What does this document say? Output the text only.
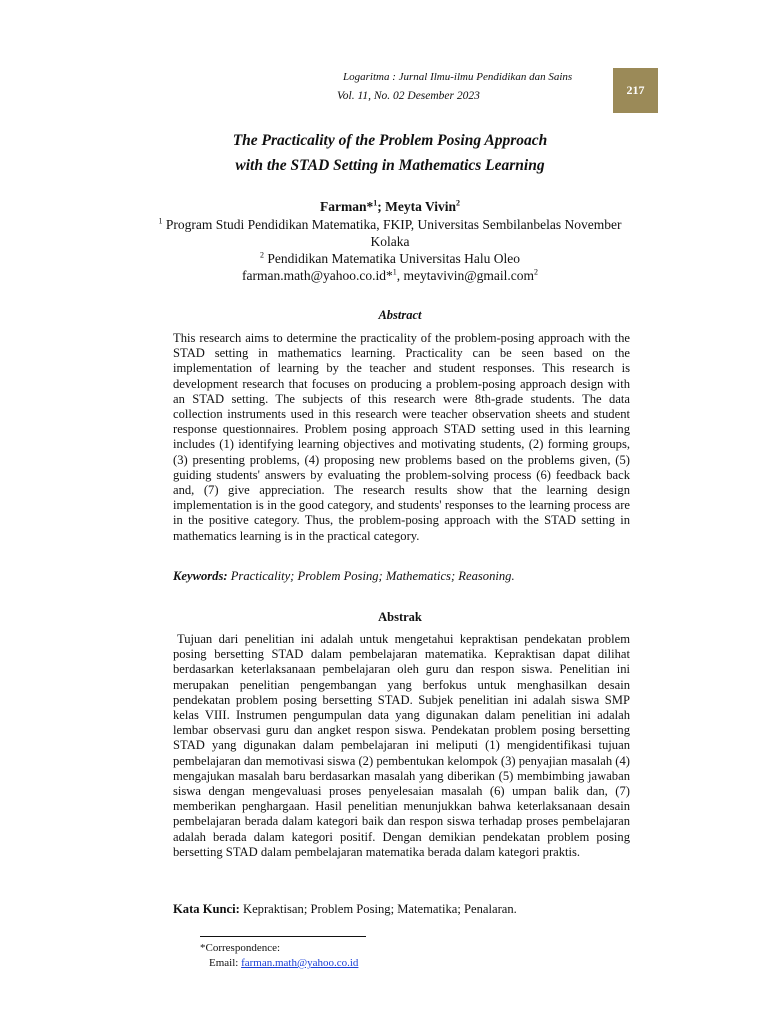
Logaritma : Jurnal Ilmu-ilmu Pendidikan dan Sains
Vol. 11, No. 02 Desember 2023	217
The Practicality of the Problem Posing Approach
with the STAD Setting in Mathematics Learning
Farman*$^1$; Meyta Vivin$^2$
$^1$ Program Studi Pendidikan Matematika, FKIP, Universitas Sembilanbelas November Kolaka
$^2$ Pendidikan Matematika Universitas Halu Oleo
farman.math@yahoo.co.id*$^1$, meytavivin@gmail.com$^2$
Abstract
This research aims to determine the practicality of the problem-posing approach with the STAD setting in mathematics learning. Practicality can be seen based on the implementation of learning by the teacher and student responses. This research is development research that focuses on producing a problem-posing approach design with an STAD setting. The subjects of this research were 8th-grade students. The data collection instruments used in this research were teacher observation sheets and student response questionnaires. Problem posing approach STAD setting used in this learning includes (1) identifying learning objectives and motivating students, (2) forming groups, (3) presenting problems, (4) proposing new problems based on the problems given, (5) guiding students' answers by evaluating the problem-solving process (6) feedback back and, (7) give appreciation. The research results show that the learning design implementation is in the good category, and students' responses to the learning process are in the positive category. Thus, the problem-posing approach with the STAD setting in mathematics learning is in the practical category.
Keywords: Practicality; Problem Posing; Mathematics; Reasoning.
Abstrak
Tujuan dari penelitian ini adalah untuk mengetahui kepraktisan pendekatan problem posing bersetting STAD dalam pembelajaran matematika. Kepraktisan dapat dilihat berdasarkan keterlaksanaan pembelajaran oleh guru dan respon siswa. Penelitian ini merupakan penelitian pengembangan yang berfokus untuk menghasilkan desain pendekatan problem posing bersetting STAD. Subjek penelitian ini adalah siswa SMP kelas VIII. Instrumen pengumpulan data yang digunakan dalam penelitian ini adalah lembar observasi guru dan angket respon siswa. Pendekatan problem posing bersetting STAD yang digunakan dalam pembelajaran ini meliputi (1) mengidentifikasi tujuan pembelajaran dan memotivasi siswa (2) pembentukan kelompok (3) penyajian masalah (4) mengajukan masalah baru berdasarkan masalah yang diberikan (5) membimbing jawaban siswa dengan mengevaluasi proses penyelesaian masalah (6) umpan balik dan, (7) memberikan penghargaan. Hasil penelitian menunjukkan bahwa keterlaksanaan desain pembelajaran berada dalam kategori baik dan respon siswa terhadap proses pembelajaran adalah berada dalam kategori positif. Dengan demikian pendekatan problem posing bersetting STAD dalam pembelajaran matematika berada dalam kategori praktis.
Kata Kunci: Kepraktisan; Problem Posing; Matematika; Penalaran.
*Correspondence:
Email: farman.math@yahoo.co.id
